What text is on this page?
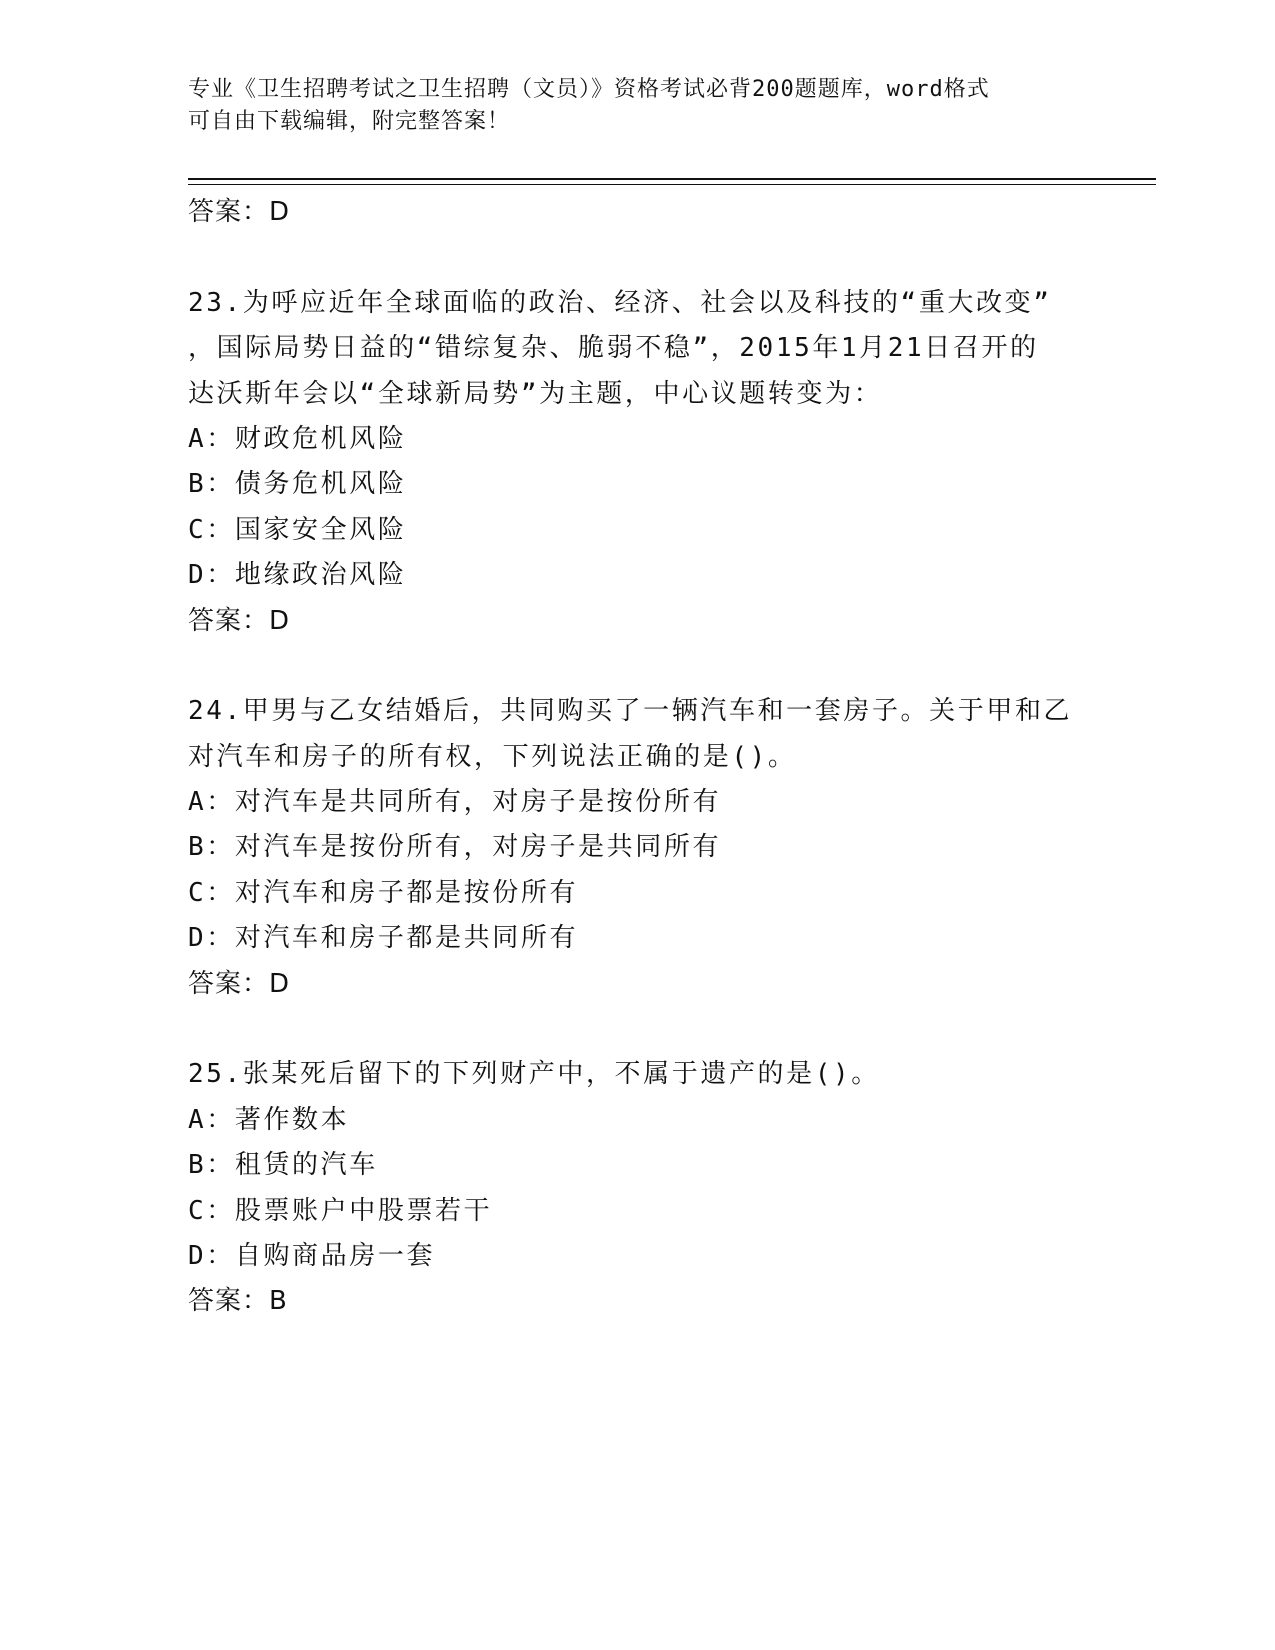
专业《卫生招聘考试之卫生招聘（文员）》资格考试必背200题题库，word格式
可自由下载编辑，附完整答案！
答案：D
23.为呼应近年全球面临的政治、经济、社会以及科技的“重大改变”
，国际局势日益的“错综复杂、脆弱不稳”，2015年1月21日召开的
达沃斯年会以“全球新局势”为主题，中心议题转变为：
A：财政危机风险
B：债务危机风险
C：国家安全风险
D：地缘政治风险
答案：D
24.甲男与乙女结婚后，共同购买了一辆汽车和一套房子。关于甲和乙
对汽车和房子的所有权，下列说法正确的是()。
A：对汽车是共同所有，对房子是按份所有
B：对汽车是按份所有，对房子是共同所有
C：对汽车和房子都是按份所有
D：对汽车和房子都是共同所有
答案：D
25.张某死后留下的下列财产中，不属于遗产的是()。
A：著作数本
B：租赁的汽车
C：股票账户中股票若干
D：自购商品房一套
答案：B
